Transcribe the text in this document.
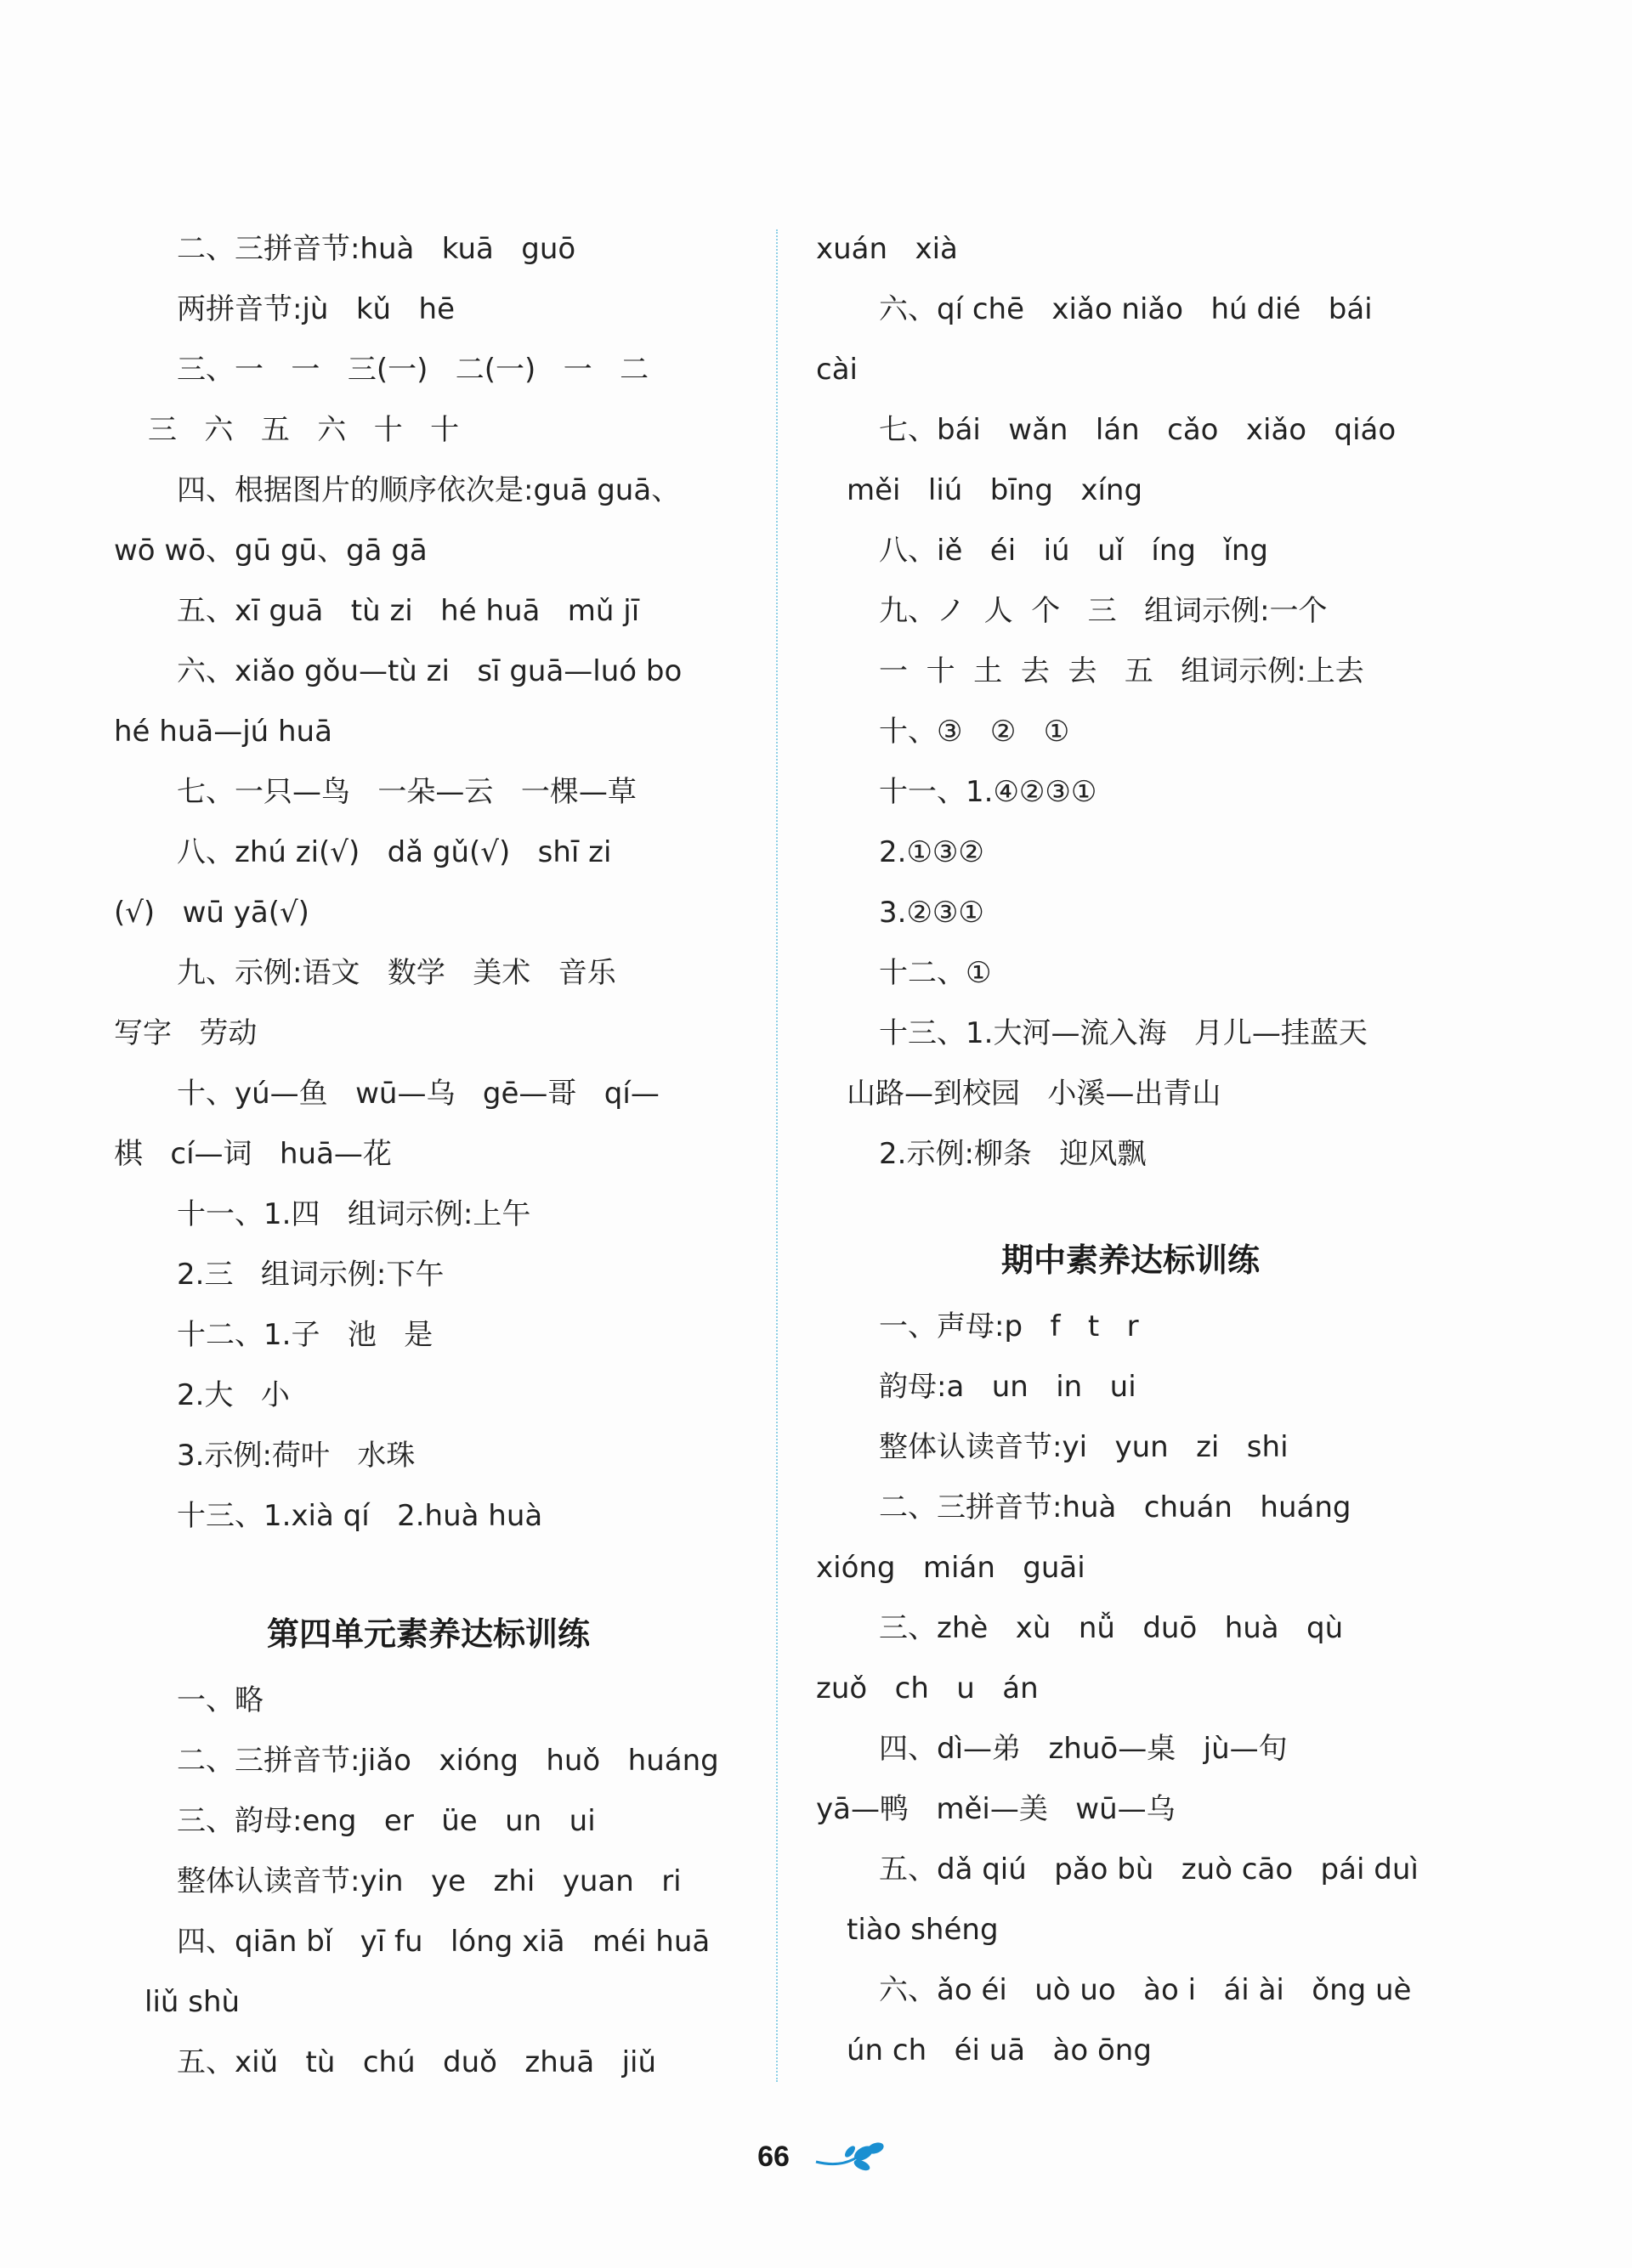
二、三拼音节:huà   kuā   guō
两拼音节:jù   kǔ   hē
三、一   一   三(一)   二(一)   一   二
三   六   五   六   十   十
四、根据图片的顺序依次是:guā guā、
wō wō、gū gū、gā gā
五、xī guā   tù zi   hé huā   mǔ jī
六、xiǎo gǒu—tù zi   sī guā—luó bo
hé huā—jú huā
七、一只—鸟   一朵—云   一棵—草
八、zhú zi(√)   dǎ gǔ(√)   shī zi
(√)   wū yā(√)
九、示例:语文   数学   美术   音乐
写字   劳动
十、yú—鱼   wū—乌   gē—哥   qí—
棋   cí—词   huā—花
十一、1.四   组词示例:上午
2.三   组词示例:下午
十二、1.子   池   是
2.大   小
3.示例:荷叶   水珠
十三、1.xià qí   2.huà huà
第四单元素养达标训练
一、略
二、三拼音节:jiǎo   xióng   huǒ   huáng
三、韵母:eng   er   üe   un   ui
整体认读音节:yin   ye   zhi   yuan   ri
四、qiān bǐ   yī fu   lóng xiā   méi huā
liǔ shù
五、xiǔ   tù   chú   duǒ   zhuā   jiǔ
xuán   xià
六、qí chē   xiǎo niǎo   hú dié   bái
cài
七、bái   wǎn   lán   cǎo   xiǎo   qiáo
měi   liú   bīng   xíng
八、iě   éi   iú   uǐ   íng   ǐng
九、ノ  人  个   三   组词示例:一个
一  十  土  去  去   五   组词示例:上去
十、③   ②   ①
十一、1.④②③①
2.①③②
3.②③①
十二、①
十三、1.大河—流入海   月儿—挂蓝天
山路—到校园   小溪—出青山
2.示例:柳条   迎风飘
期中素养达标训练
一、声母:p   f   t   r
韵母:a   un   in   ui
整体认读音节:yi   yun   zi   shi
二、三拼音节:huà   chuán   huáng
xióng   mián   guāi
三、zhè   xù   nǚ   duō   huà   qù
zuǒ   ch   u   án
四、dì—弟   zhuō—桌   jù—句
yā—鸭   měi—美   wū—乌
五、dǎ qiú   pǎo bù   zuò cāo   pái duì
tiào shéng
六、ǎo éi   uò uo   ào i   ái ài   ǒng uè
ún ch   éi uā   ào ōng
66
